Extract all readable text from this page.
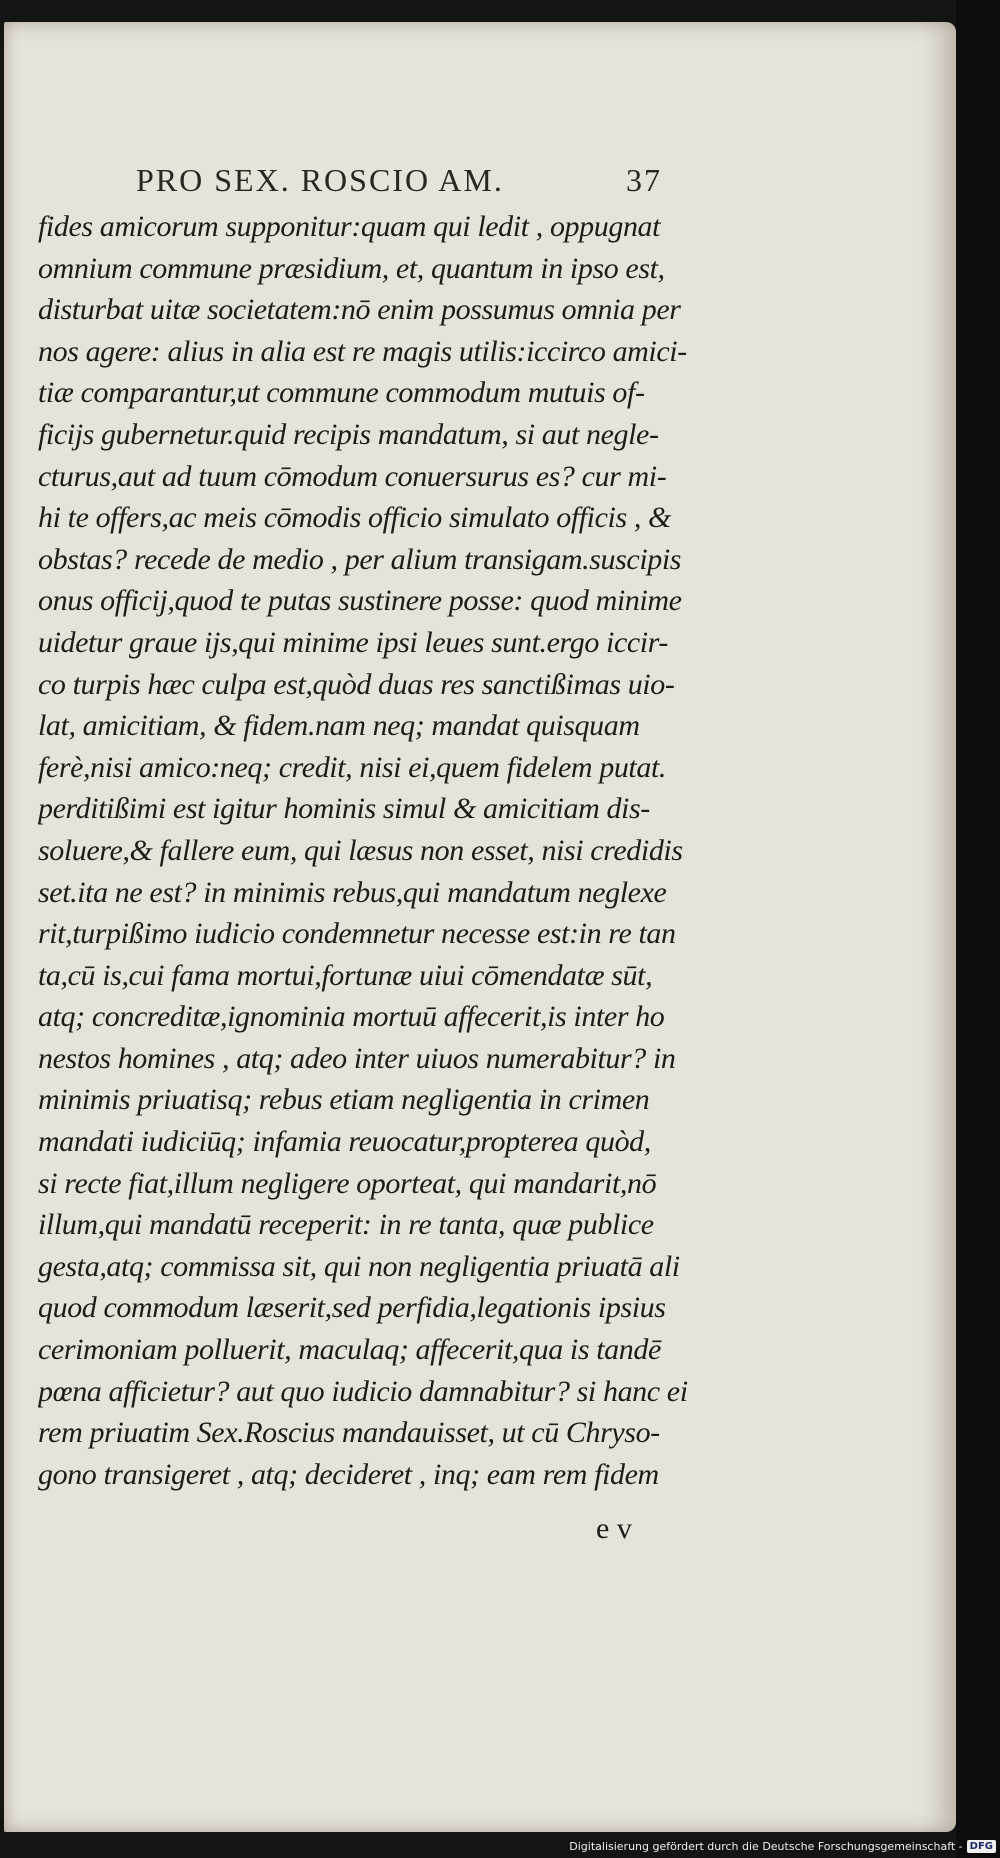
PRO SEX. ROSCIO AM.	37
fides amicorum supponitur:quam qui ledit , oppugnat
omnium commune præsidium, et, quantum in ipso est,
disturbat uitæ societatem:nō enim possumus omnia per
nos agere: alius in alia est re magis utilis:iccirco amici-
tiæ comparantur,ut commune commodum mutuis of-
ficijs gubernetur.quid recipis mandatum, si aut negle-
cturus,aut ad tuum cōmodum conuersurus es? cur mi-
hi te offers,ac meis cōmodis officio simulato officis , &
obstas? recede de medio , per alium transigam.suscipis
onus officij,quod te putas sustinere posse: quod minime
uidetur graue ijs,qui minime ipsi leues sunt.ergo iccir-
co turpis hæc culpa est,quòd duas res sanctißimas uio-
lat, amicitiam, & fidem.nam neq; mandat quisquam
ferè,nisi amico:neq; credit, nisi ei,quem fidelem putat.
perditißimi est igitur hominis simul & amicitiam dis-
soluere,& fallere eum, qui læsus non esset, nisi credidis
set.ita ne est? in minimis rebus,qui mandatum neglexe
rit,turpißimo iudicio condemnetur necesse est:in re tan
ta,cū is,cui fama mortui,fortunæ uiui cōmendatæ sūt,
atq; concreditæ,ignominia mortuū affecerit,is inter ho
nestos homines , atq; adeo inter uiuos numerabitur? in
minimis priuatisq; rebus etiam negligentia in crimen
mandati iudiciūq; infamia reuocatur,propterea quòd,
si recte fiat,illum negligere oporteat, qui mandarit,nō
illum,qui mandatū receperit: in re tanta, quæ publice
gesta,atq; commissa sit, qui non negligentia priuatā ali
quod commodum læserit,sed perfidia,legationis ipsius
cerimoniam polluerit, maculaq; affecerit,qua is tandē
pœna afficietur? aut quo iudicio damnabitur? si hanc ei
rem priuatim Sex.Roscius mandauisset, ut cū Chryso-
gono transigeret , atq; decideret , inq; eam rem fidem
e v
Digitalisierung gefördert durch die Deutsche Forschungsgemeinschaft - DFG
